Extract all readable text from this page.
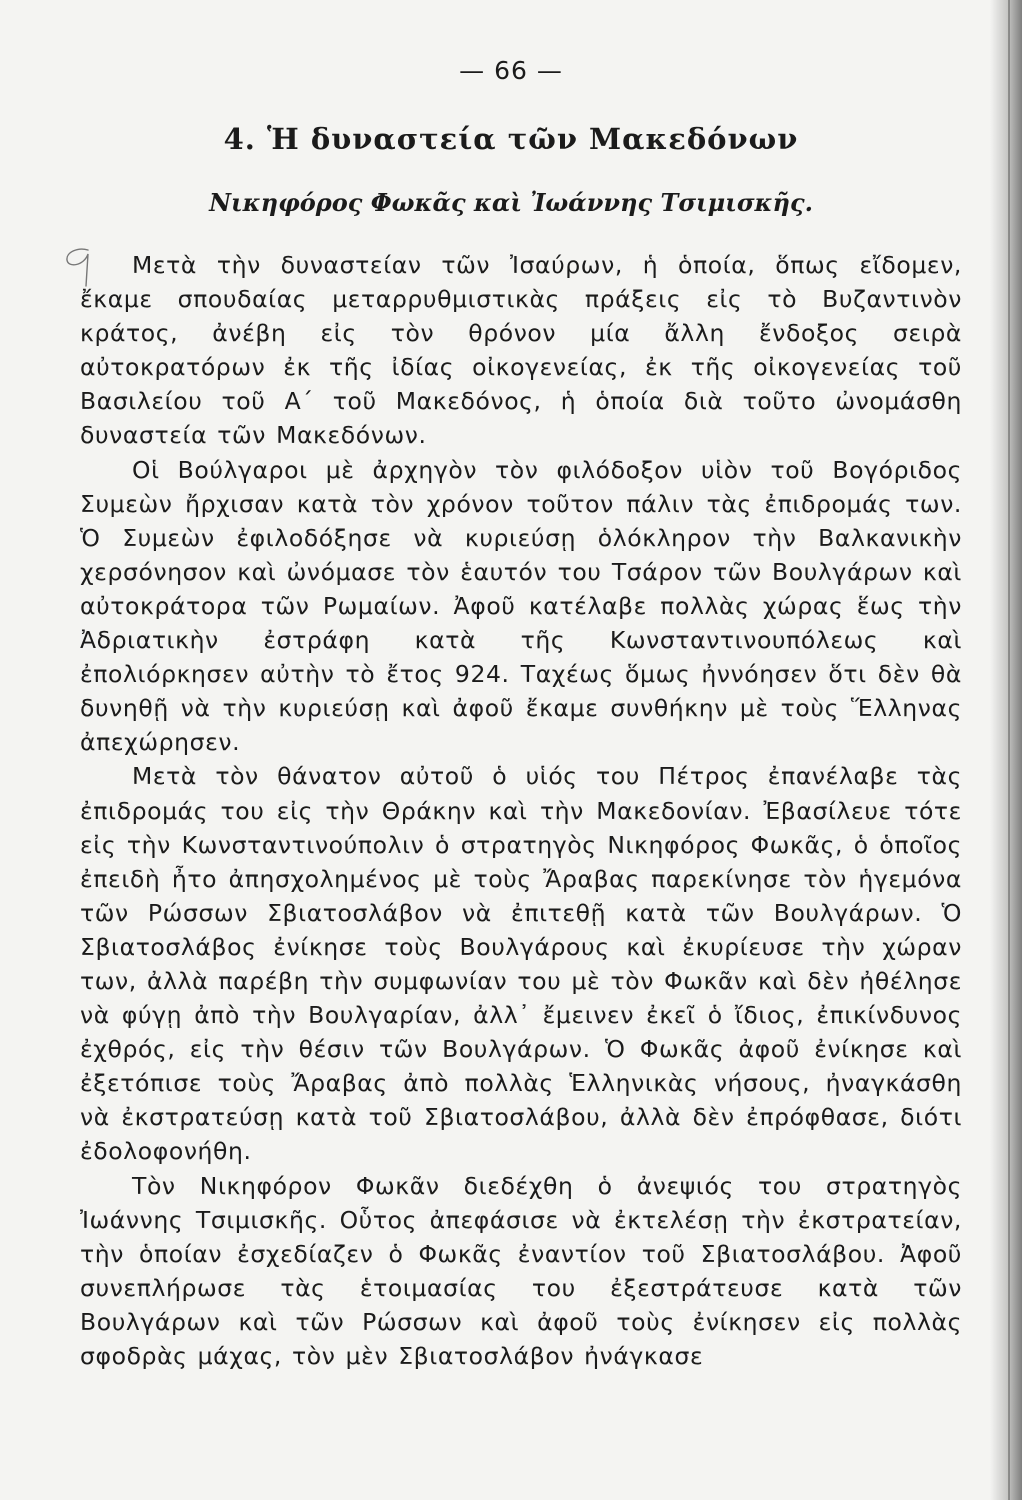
— 66 —
4. Ἡ δυναστεία τῶν Μακεδόνων
Νικηφόρος Φωκᾶς καὶ Ἰωάννης Τσιμισκῆς.

Μετὰ τὴν δυναστείαν τῶν Ἰσαύρων, ἡ ὁποία, ὅπως εἴδομεν, ἔκαμε σπουδαίας μεταρρυθμιστικὰς πράξεις εἰς τὸ Βυζαντινὸν κράτος, ἀνέβη εἰς τὸν θρόνον μία ἄλλη ἔνδοξος σειρὰ αὐτοκρατόρων ἐκ τῆς ἰδίας οἰκογενείας, ἐκ τῆς οἰκογενείας τοῦ Βασιλείου τοῦ Α΄ τοῦ Μακεδόνος, ἡ ὁποία διὰ τοῦτο ὠνομάσθη δυναστεία τῶν Μακεδόνων.

Οἱ Βούλγαροι μὲ ἀρχηγὸν τὸν φιλόδοξον υἱὸν τοῦ Βογόριδος Συμεὼν ἤρχισαν κατὰ τὸν χρόνον τοῦτον πάλιν τὰς ἐπιδρομάς των. Ὁ Συμεὼν ἐφιλοδόξησε νὰ κυριεύσῃ ὁλόκληρον τὴν Βαλκανικὴν χερσόνησον καὶ ὠνόμασε τὸν ἑαυτόν του Τσάρον τῶν Βουλγάρων καὶ αὐτοκράτορα τῶν Ρωμαίων. Ἀφοῦ κατέλαβε πολλὰς χώρας ἕως τὴν Ἀδριατικὴν ἐστράφη κατὰ τῆς Κωνσταντινουπόλεως καὶ ἐπολιόρκησεν αὐτὴν τὸ ἔτος 924. Ταχέως ὅμως ἠννόησεν ὅτι δὲν θὰ δυνηθῇ νὰ τὴν κυριεύσῃ καὶ ἀφοῦ ἔκαμε συνθήκην μὲ τοὺς Ἕλληνας ἀπεχώρησεν.

Μετὰ τὸν θάνατον αὐτοῦ ὁ υἱός του Πέτρος ἐπανέλαβε τὰς ἐπιδρομάς του εἰς τὴν Θράκην καὶ τὴν Μακεδονίαν. Ἐβασίλευε τότε εἰς τὴν Κωνσταντινούπολιν ὁ στρατηγὸς Νικηφόρος Φωκᾶς, ὁ ὁποῖος ἐπειδὴ ἦτο ἀπησχολημένος μὲ τοὺς Ἄραβας παρεκίνησε τὸν ἡγεμόνα τῶν Ρώσσων Σβιατοσλάβον νὰ ἐπιτεθῇ κατὰ τῶν Βουλγάρων. Ὁ Σβιατοσλάβος ἐνίκησε τοὺς Βουλγάρους καὶ ἐκυρίευσε τὴν χώραν των, ἀλλὰ παρέβη τὴν συμφωνίαν του μὲ τὸν Φωκᾶν καὶ δὲν ἠθέλησε νὰ φύγῃ ἀπὸ τὴν Βουλγαρίαν, ἀλλ᾽ ἔμεινεν ἐκεῖ ὁ ἴδιος, ἐπικίνδυνος ἐχθρός, εἰς τὴν θέσιν τῶν Βουλγάρων. Ὁ Φωκᾶς ἀφοῦ ἐνίκησε καὶ ἐξετόπισε τοὺς Ἄραβας ἀπὸ πολλὰς Ἑλληνικὰς νήσους, ἠναγκάσθη νὰ ἐκστρατεύσῃ κατὰ τοῦ Σβιατοσλάβου, ἀλλὰ δὲν ἐπρόφθασε, διότι ἐδολοφονήθη.

Τὸν Νικηφόρον Φωκᾶν διεδέχθη ὁ ἀνεψιός του στρατηγὸς Ἰωάννης Τσιμισκῆς. Οὗτος ἀπεφάσισε νὰ ἐκτελέσῃ τὴν ἐκστρατείαν, τὴν ὁποίαν ἐσχεδίαζεν ὁ Φωκᾶς ἐναντίον τοῦ Σβιατοσλάβου. Ἀφοῦ συνεπλήρωσε τὰς ἑτοιμασίας του ἐξεστράτευσε κατὰ τῶν Βουλγάρων καὶ τῶν Ρώσσων καὶ ἀφοῦ τοὺς ἐνίκησεν εἰς πολλὰς σφοδρὰς μάχας, τὸν μὲν Σβιατοσλάβον ἠνάγκασε
